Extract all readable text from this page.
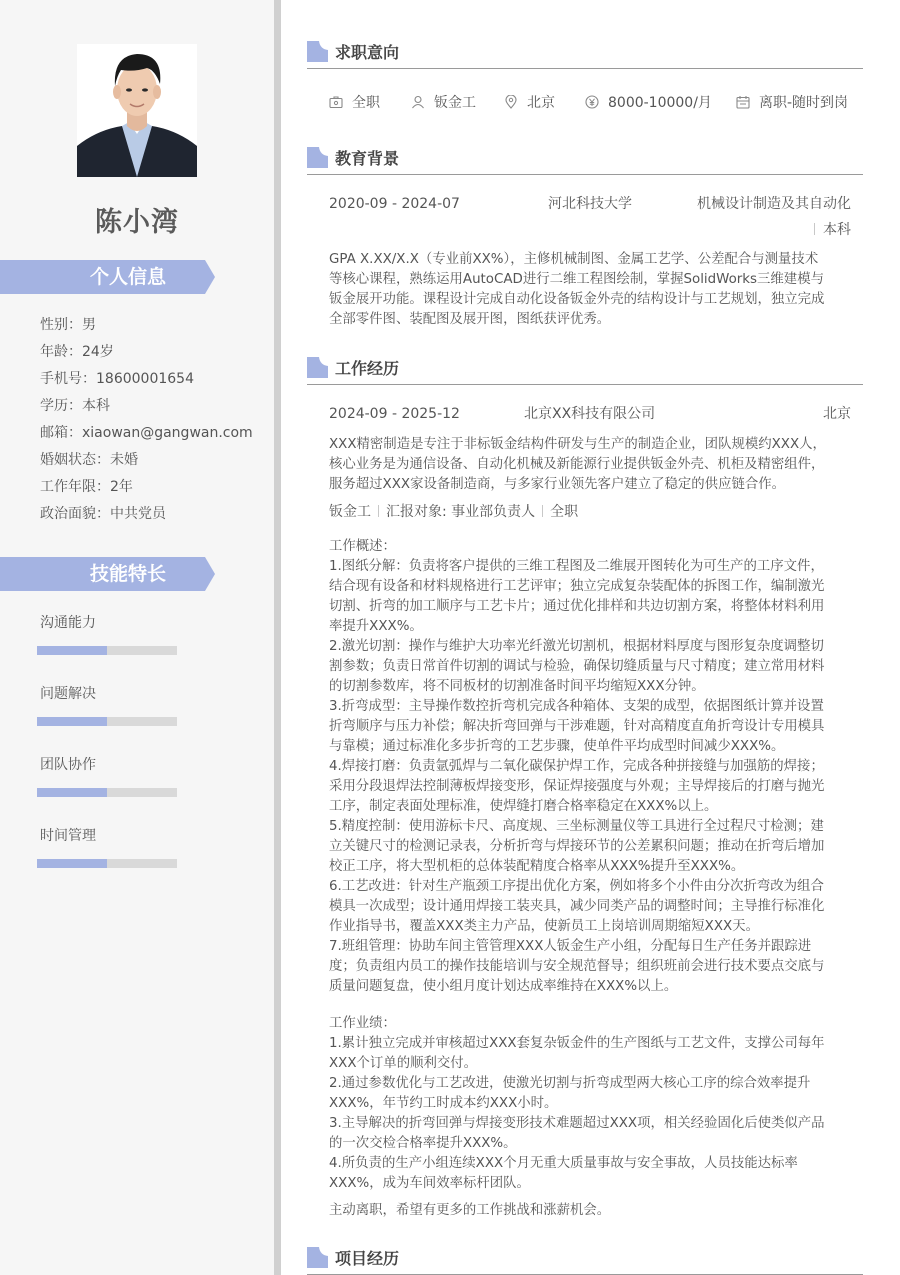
陈小湾
个人信息
性别：男
年龄：24岁
手机号：18600001654
学历：本科
邮箱：xiaowan@gangwan.com
婚姻状态：未婚
工作年限：2年
政治面貌：中共党员
技能特长
沟通能力
问题解决
团队协作
时间管理
求职意向
全职	钣金工	北京	8000-10000/月	离职-随时到岗
教育背景
2020-09 - 2024-07	河北科技大学	机械设计制造及其自动化
本科

GPA X.XX/X.X（专业前XX%），主修机械制图、金属工艺学、公差配合与测量技术

等核心课程，熟练运用AutoCAD进行二维工程图绘制，掌握SolidWorks三维建模与

钣金展开功能。课程设计完成自动化设备钣金外壳的结构设计与工艺规划，独立完成

全部零件图、装配图及展开图，图纸获评优秀。

工作经历
2024-09 - 2025-12	北京XX科技有限公司	北京

XXX精密制造是专注于非标钣金结构件研发与生产的制造企业，团队规模约XXX人，

核心业务是为通信设备、自动化机械及新能源行业提供钣金外壳、机柜及精密组件，

服务超过XXX家设备制造商，与多家行业领先客户建立了稳定的供应链合作。

钣金工 汇报对象: 事业部负责人 全职

工作概述：

1.图纸分解：负责将客户提供的三维工程图及二维展开图转化为可生产的工序文件，

结合现有设备和材料规格进行工艺评审；独立完成复杂装配体的拆图工作，编制激光

切割、折弯的加工顺序与工艺卡片；通过优化排样和共边切割方案，将整体材料利用

率提升XXX%。

2.激光切割：操作与维护大功率光纤激光切割机，根据材料厚度与图形复杂度调整切

割参数；负责日常首件切割的调试与检验，确保切缝质量与尺寸精度；建立常用材料

的切割参数库，将不同板材的切割准备时间平均缩短XXX分钟。

3.折弯成型：主导操作数控折弯机完成各种箱体、支架的成型，依据图纸计算并设置

折弯顺序与压力补偿；解决折弯回弹与干涉难题，针对高精度直角折弯设计专用模具

与靠模；通过标准化多步折弯的工艺步骤，使单件平均成型时间减少XXX%。

4.焊接打磨：负责氩弧焊与二氧化碳保护焊工作，完成各种拼接缝与加强筋的焊接；

采用分段退焊法控制薄板焊接变形，保证焊接强度与外观；主导焊接后的打磨与抛光

工序，制定表面处理标准，使焊缝打磨合格率稳定在XXX%以上。

5.精度控制：使用游标卡尺、高度规、三坐标测量仪等工具进行全过程尺寸检测；建

立关键尺寸的检测记录表，分析折弯与焊接环节的公差累积问题；推动在折弯后增加

校正工序，将大型机柜的总体装配精度合格率从XXX%提升至XXX%。

6.工艺改进：针对生产瓶颈工序提出优化方案，例如将多个小件由分次折弯改为组合

模具一次成型；设计通用焊接工装夹具，减少同类产品的调整时间；主导推行标准化

作业指导书，覆盖XXX类主力产品，使新员工上岗培训周期缩短XXX天。

7.班组管理：协助车间主管管理XXX人钣金生产小组，分配每日生产任务并跟踪进

度；负责组内员工的操作技能培训与安全规范督导；组织班前会进行技术要点交底与

质量问题复盘，使小组月度计划达成率维持在XXX%以上。

工作业绩：

1.累计独立完成并审核超过XXX套复杂钣金件的生产图纸与工艺文件，支撑公司每年

XXX个订单的顺利交付。

2.通过参数优化与工艺改进，使激光切割与折弯成型两大核心工序的综合效率提升

XXX%，年节约工时成本约XXX小时。

3.主导解决的折弯回弹与焊接变形技术难题超过XXX项，相关经验固化后使类似产品

的一次交检合格率提升XXX%。

4.所负责的生产小组连续XXX个月无重大质量事故与安全事故，人员技能达标率

XXX%，成为车间效率标杆团队。

主动离职，希望有更多的工作挑战和涨薪机会。

项目经历
